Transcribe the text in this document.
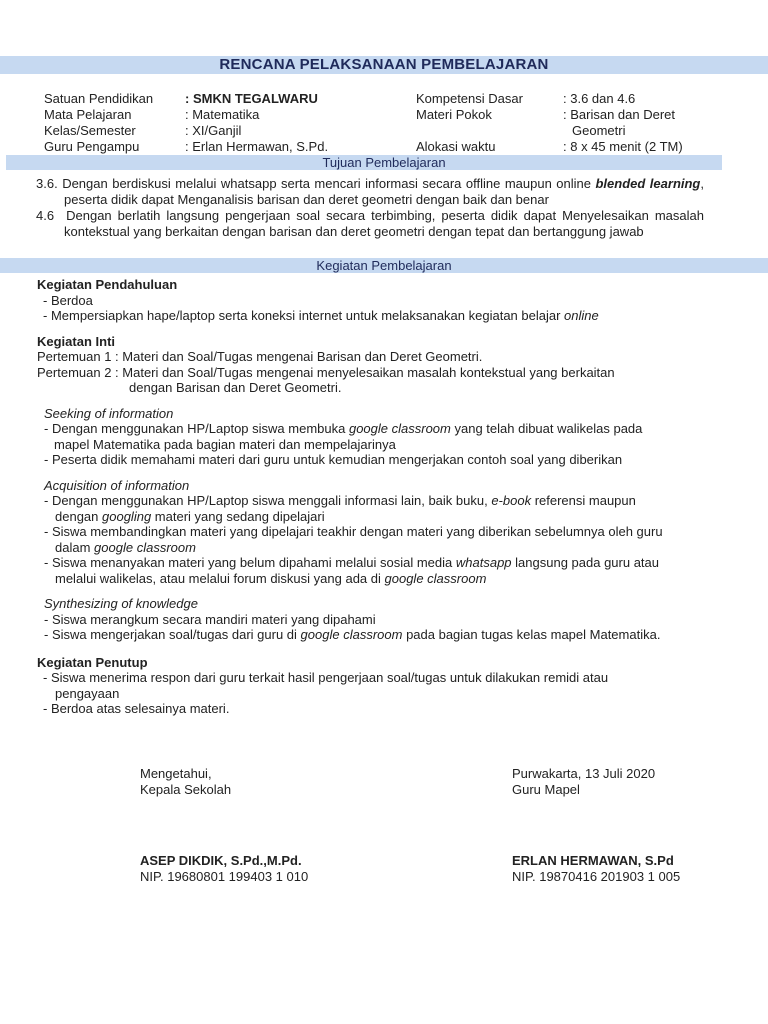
RENCANA PELAKSANAAN PEMBELAJARAN
Satuan Pendidikan
Mata Pelajaran
Kelas/Semester
Guru Pengampu
: SMKN TEGALWARU
: Matematika
: XI/Ganjil
: Erlan Hermawan, S.Pd.
Kompetensi Dasar
Materi Pokok
Alokasi waktu
: 3.6 dan 4.6
: Barisan dan Deret
Geometri
: 8 x 45 menit (2 TM)
Tujuan Pembelajaran

3.6. Dengan berdiskusi melalui whatsapp serta mencari informasi secara offline maupun online blended learning, peserta didik dapat Menganalisis barisan dan deret geometri dengan baik dan benar

4.6 Dengan berlatih langsung pengerjaan soal secara terbimbing, peserta didik dapat Menyelesaikan masalah kontekstual yang berkaitan dengan barisan dan deret geometri dengan tepat dan bertanggung jawab

Kegiatan Pembelajaran
Kegiatan Pendahuluan
- Berdoa
- Mempersiapkan hape/laptop serta koneksi internet untuk melaksanakan kegiatan belajar online
Kegiatan Inti
Pertemuan 1 : Materi dan Soal/Tugas mengenai Barisan dan Deret Geometri.
Pertemuan 2 : Materi dan Soal/Tugas mengenai menyelesaikan masalah kontekstual yang berkaitan
dengan Barisan dan Deret Geometri.
Seeking of information
- Dengan menggunakan HP/Laptop siswa membuka google classroom yang telah dibuat walikelas pada
mapel Matematika pada bagian materi dan mempelajarinya
- Peserta didik memahami materi dari guru untuk kemudian mengerjakan contoh soal yang diberikan
Acquisition of information
- Dengan menggunakan HP/Laptop siswa menggali informasi lain, baik buku, e-book referensi maupun
dengan googling materi yang sedang dipelajari
- Siswa membandingkan materi yang dipelajari teakhir dengan materi yang diberikan sebelumnya oleh guru
dalam google classroom
- Siswa menanyakan materi yang belum dipahami melalui sosial media whatsapp langsung pada guru atau
melalui walikelas, atau melalui forum diskusi yang ada di google classroom
Synthesizing of knowledge
- Siswa merangkum secara mandiri materi yang dipahami
- Siswa mengerjakan soal/tugas dari guru di google classroom pada bagian tugas kelas mapel Matematika.
Kegiatan Penutup
- Siswa menerima respon dari guru terkait hasil pengerjaan soal/tugas untuk dilakukan remidi atau
pengayaan
- Berdoa atas selesainya materi.
Mengetahui,
Kepala Sekolah
ASEP DIKDIK, S.Pd.,M.Pd.
NIP. 19680801 199403 1 010
Purwakarta, 13 Juli 2020
Guru Mapel
ERLAN HERMAWAN, S.Pd
NIP. 19870416 201903 1 005
